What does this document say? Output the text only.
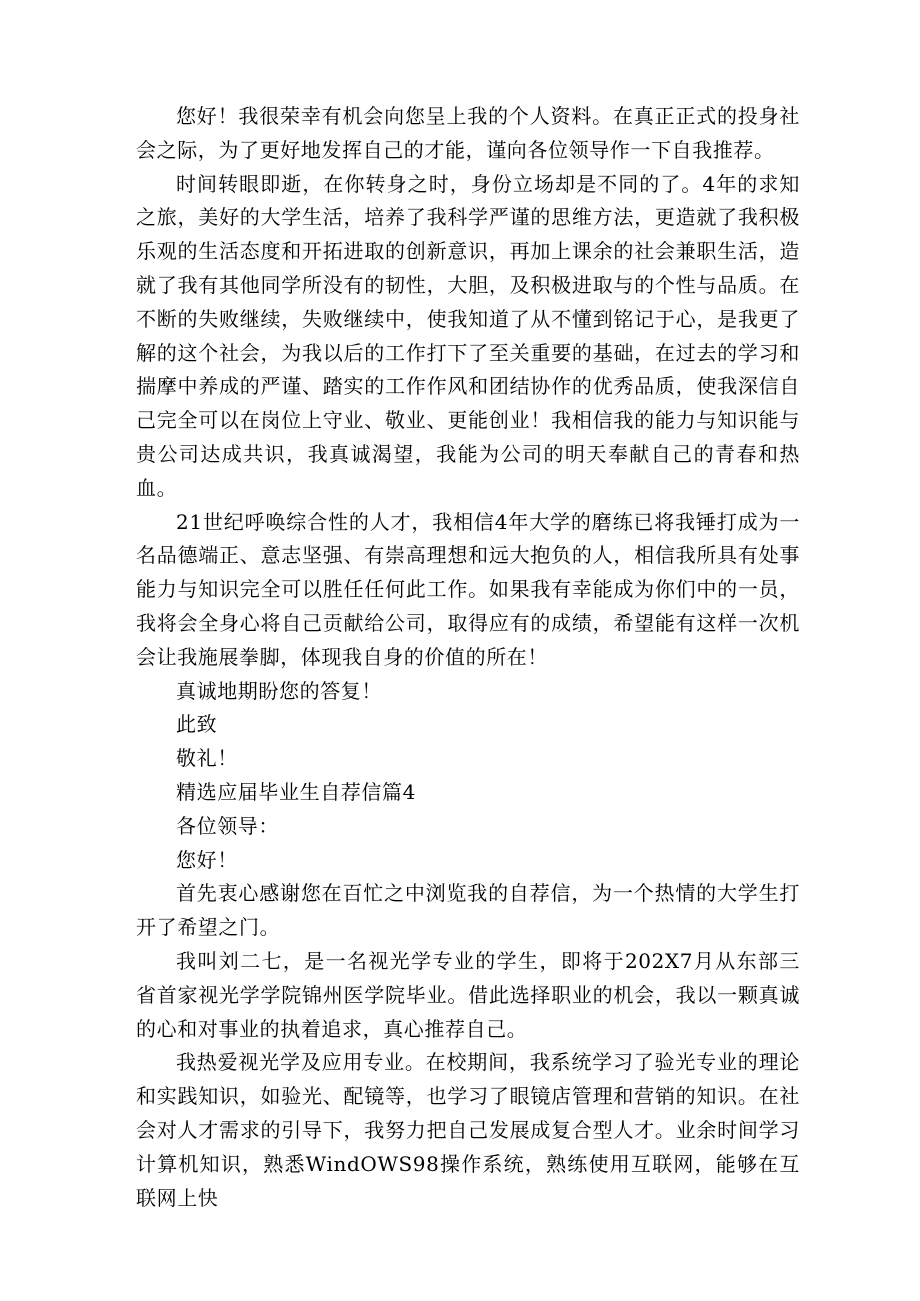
您好！我很荣幸有机会向您呈上我的个人资料。在真正正式的投身社会之际，为了更好地发挥自己的才能，谨向各位领导作一下自我推荐。

时间转眼即逝，在你转身之时，身份立场却是不同的了。4年的求知之旅，美好的大学生活，培养了我科学严谨的思维方法，更造就了我积极乐观的生活态度和开拓进取的创新意识，再加上课余的社会兼职生活，造就了我有其他同学所没有的韧性，大胆，及积极进取与的个性与品质。在不断的失败继续，失败继续中，使我知道了从不懂到铭记于心，是我更了解的这个社会，为我以后的工作打下了至关重要的基础，在过去的学习和揣摩中养成的严谨、踏实的工作作风和团结协作的优秀品质，使我深信自己完全可以在岗位上守业、敬业、更能创业！我相信我的能力与知识能与贵公司达成共识，我真诚渴望，我能为公司的明天奉献自己的青春和热血。

21世纪呼唤综合性的人才，我相信4年大学的磨练已将我锤打成为一名品德端正、意志坚强、有崇高理想和远大抱负的人，相信我所具有处事能力与知识完全可以胜任任何此工作。如果我有幸能成为你们中的一员，我将会全身心将自己贡献给公司，取得应有的成绩，希望能有这样一次机会让我施展拳脚，体现我自身的价值的所在！

真诚地期盼您的答复！

此致

敬礼！

精选应届毕业生自荐信篇4

各位领导：

您好！

首先衷心感谢您在百忙之中浏览我的自荐信，为一个热情的大学生打开了希望之门。

我叫刘二七，是一名视光学专业的学生，即将于202X7月从东部三省首家视光学学院锦州医学院毕业。借此选择职业的机会，我以一颗真诚的心和对事业的执着追求，真心推荐自己。

我热爱视光学及应用专业。在校期间，我系统学习了验光专业的理论和实践知识，如验光、配镜等，也学习了眼镜店管理和营销的知识。在社会对人才需求的引导下，我努力把自己发展成复合型人才。业余时间学习计算机知识，熟悉WindOWS98操作系统，熟练使用互联网，能够在互联网上快
